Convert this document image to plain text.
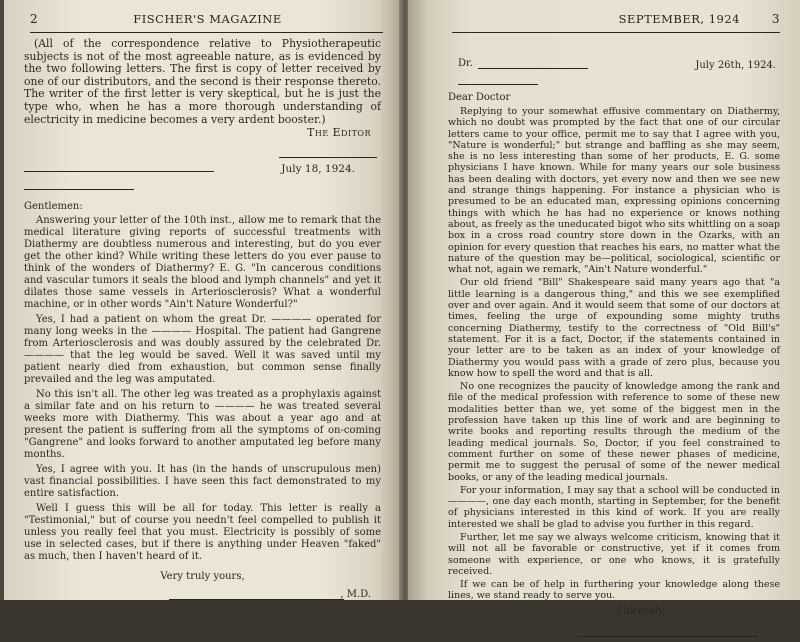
2	FISCHER'S MAGAZINE

(All of the correspondence relative to Physiotherapeutic subjects is not of the most agreeable nature, as is evidenced by the two following letters. The first is copy of letter received by one of our distributors, and the second is their response thereto. The writer of the first letter is very skeptical, but he is just the type who, when he has a more thorough understanding of electricity in medicine becomes a very ardent booster.)

The Editor

July 18, 1924.

Gentlemen:

Answering your letter of the 10th inst., allow me to remark that the medical literature giving reports of successful treatments with Diathermy are doubtless numerous and interesting, but do you ever get the other kind? While writing these letters do you ever pause to think of the wonders of Diathermy? E. G. "In cancerous conditions and vascular tumors it seals the blood and lymph channels" and yet it dilates those same vessels in Arteriosclerosis? What a wonderful machine, or in other words "Ain't Nature Wonderful?"

Yes, I had a patient on whom the great Dr. ———— operated for many long weeks in the ———— Hospital. The patient had Gangrene from Arteriosclerosis and was doubly assured by the celebrated Dr. ———— that the leg would be saved. Well it was saved until my patient nearly died from exhaustion, but common sense finally prevailed and the leg was amputated.

No this isn't all. The other leg was treated as a prophylaxis against a similar fate and on his return to ———— he was treated several weeks more with Diathermy. This was about a year ago and at present the patient is suffering from all the symptoms of on-coming "Gangrene" and looks forward to another amputated leg before many months.

Yes, I agree with you. It has (in the hands of unscrupulous men) vast financial possibilities. I have seen this fact demonstrated to my entire satisfaction.

Well I guess this will be all for today. This letter is really a "Testimonial," but of course you needn't feel compelled to publish it unless you really feel that you must. Electricity is possibly of some use in selected cases, but if there is anything under Heaven "faked" as much, then I haven't heard of it.

Very truly yours,

, M.D.
SEPTEMBER, 1924	3
Dr.	July 26th, 1924.

Dear Doctor

Replying to your somewhat effusive commentary on Diathermy, which no doubt was prompted by the fact that one of our circular letters came to your office, permit me to say that I agree with you, "Nature is wonderful;" but strange and baffling as she may seem, she is no less interesting than some of her products, E. G. some physicians I have known. While for many years our sole business has been dealing with doctors, yet every now and then we see new and strange things happening. For instance a physician who is presumed to be an educated man, expressing opinions concerning things with which he has had no experience or knows nothing about, as freely as the uneducated bigot who sits whittling on a soap box in a cross road country store down in the Ozarks, with an opinion for every question that reaches his ears, no matter what the nature of the question may be—political, sociological, scientific or what not, again we remark, "Ain't Nature wonderful."

Our old friend "Bill" Shakespeare said many years ago that "a little learning is a dangerous thing," and this we see exemplified over and over again. And it would seem that some of our doctors at times, feeling the urge of expounding some mighty truths concerning Diathermy, testify to the correctness of "Old Bill's" statement. For it is a fact, Doctor, if the statements contained in your letter are to be taken as an index of your knowledge of Diathermy you would pass with a grade of zero plus, because you know how to spell the word and that is all.

No one recognizes the paucity of knowledge among the rank and file of the medical profession with reference to some of these new modalities better than we, yet some of the biggest men in the profession have taken up this line of work and are beginning to write books and reporting results through the medium of the leading medical journals. So, Doctor, if you feel constrained to comment further on some of these newer phases of medicine, permit me to suggest the perusal of some of the newer medical books, or any of the leading medical journals.

For your information, I may say that a school will be conducted in ————, one day each month, starting in September, for the benefit of physicians interested in this kind of work. If you are really interested we shall be glad to advise you further in this regard.

Further, let me say we always welcome criticism, knowing that it will not all be favorable or constructive, yet if it comes from someone with experience, or one who knows, it is gratefully received.

If we can be of help in furthering your knowledge along these lines, we stand ready to serve you.

Sincerely,
